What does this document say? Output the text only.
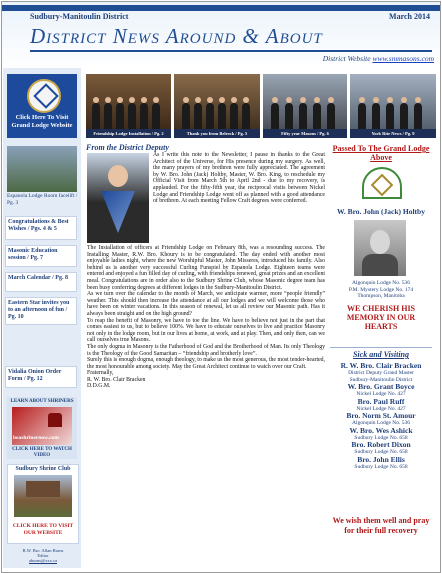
Sudbury-Manitoulin District	March 2014
District News Around & About
District Website www.smmasons.com
Click Here To Visit Grand Lodge Website
Espanola Lodge Room facelift / Pg. 3
Congratulations & Best Wishes / Pgs. 4 & 5
Masonic Education session / Pg. 7
March Calendar / Pg. 8
Eastern Star invites you to an afternoon of fun / Pg. 10
Vidalia Onion Order Form / Pg. 12
LEARN ABOUT SHRINERS
beashrinernow.com
CLICK HERE TO WATCH VIDEO
Sudbury Shrine Club
CLICK HERE TO VISIT OUR WEBSITE
R.W. Bro. Allan Burns
Editor
aburns@xxx.ca
Friendship Lodge Installation / Pg. 2	Thank you from Belrock / Pg. 5	Fifty year Masons / Pg. 6	York Rite News / Pg. 9
From the District Deputy
As I write this note to the Newsletter, I pause in thanks to the Great Architect of the Universe, for His presence during my surgery. As well, the many prayers of my brethren were fully appreciated. The agreement by W. Bro. John (Jack) Holtby, Master, W. Bro. King, to reschedule my Official Visit from March 5th to April 2nd - due to my recovery, is applauded. For the fifty-fifth year, the reciprocal visits between Nickel Lodge and Friendship Lodge went off as planned with a good attendance of brethren. At each meeting Fellow Craft degrees were conferred.

The Installation of officers at Friendship Lodge on February 8th, was a resounding success. The Installing Master, R.W. Bro. Khoury is to be congratulated. The day ended with another most enjoyable ladies night, where the new Worshipful Master, John Misseres, introduced his family. Also behind us is another very successful Curling Funspiel by Espanola Lodge. Eighteen teams were entered and enjoyed a fun filled day of curling, with friendships renewed, great prizes and an excellent meal. Congratulations are in order also to the Sudbury Shrine Club, whose Masonic degree team has been busy conferring degrees at different lodges in the Sudbury-Manitoulin District.

As we turn over the calendar to the month of March, we anticipate warmer, more “people friendly” weather. This should then increase the attendance at all our lodges and we will welcome those who have been on winter vacations. In this season of renewal, let us all review our Masonic path. Has it always been straight and on the high ground?

To reap the benefit of Masonry, we have to toe the line. We have to believe not just in the part that comes easiest to us, but to believe 100%. We have to educate ourselves to live and practice Masonry not only in the lodge room, but in our lives at home, at work, and at play. Then, and only then, can we call ourselves true Masons.

The only dogma in Masonry is the Fatherhood of God and the Brotherhood of Man. Its only Theology is the Theology of the Good Samaritan – “friendship and brotherly love”.

Surely this is enough dogma, enough theology, to make us the most generous, the most tender-hearted, the most honourable among society. May the Great Architect continue to watch over our Craft.

Fraternally,

R. W. Bro. Clair Bracken

D.D.G.M.

Passed To The Grand Lodge Above
W. Bro. John (Jack) Holtby
Algonquin Lodge No. 536
P.M. Mystery Lodge No. 174
Thompson, Manitoba
WE CHERISH HIS MEMORY IN OUR HEARTS
Sick and Visiting
R. W. Bro. Clair Bracken
District Deputy Grand Master
Sudbury-Manitoulin District
W. Bro. Grant Boyce
Nickel Lodge No. 427
Bro. Paul Ruff
Nickel Lodge No. 427
Bro. Norm St. Amour
Algonquin Lodge No. 536
W. Bro. Wes Ashick
Sudbury Lodge No. 658
Bro. Robert Dixon
Sudbury Lodge No. 658
Bro. John Ellis
Sudbury Lodge No. 658
We wish them well and pray for their full recovery
